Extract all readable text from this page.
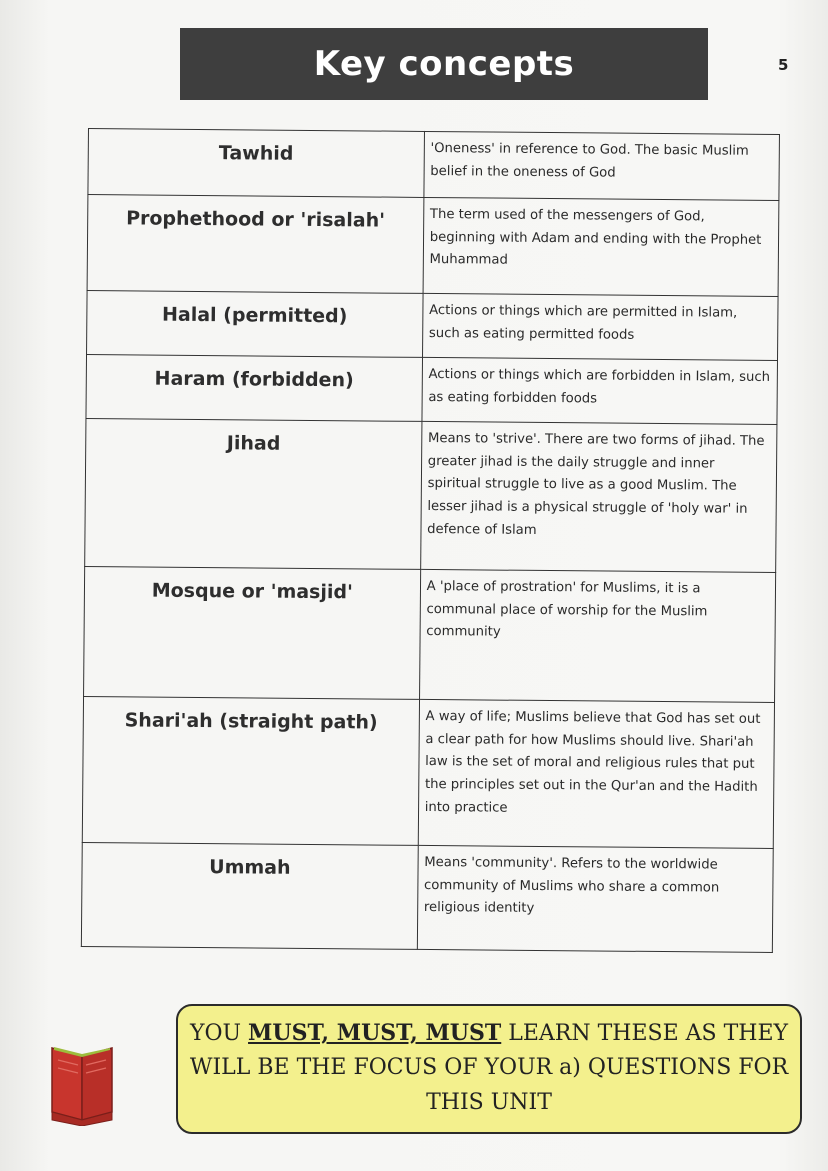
Key concepts	5
Tawhid	'Oneness' in reference to God. The basic Muslim belief in the oneness of God

Prophethood or 'risalah'	The term used of the messengers of God, beginning with Adam and ending with the Prophet Muhammad

Halal (permitted)	Actions or things which are permitted in Islam, such as eating permitted foods

Haram (forbidden)	Actions or things which are forbidden in Islam, such as eating forbidden foods

Jihad	Means to 'strive'. There are two forms of jihad. The greater jihad is the daily struggle and inner spiritual struggle to live as a good Muslim. The lesser jihad is a physical struggle of 'holy war' in defence of Islam

Mosque or 'masjid'	A 'place of prostration' for Muslims, it is a communal place of worship for the Muslim community

Shari'ah (straight path)	A way of life; Muslims believe that God has set out a clear path for how Muslims should live. Shari'ah law is the set of moral and religious rules that put the principles set out in the Qur'an and the Hadith into practice

Ummah	Means 'community'. Refers to the worldwide community of Muslims who share a common religious identity
YOU MUST, MUST, MUST LEARN THESE AS THEY WILL BE THE FOCUS OF YOUR a) QUESTIONS FOR THIS UNIT
